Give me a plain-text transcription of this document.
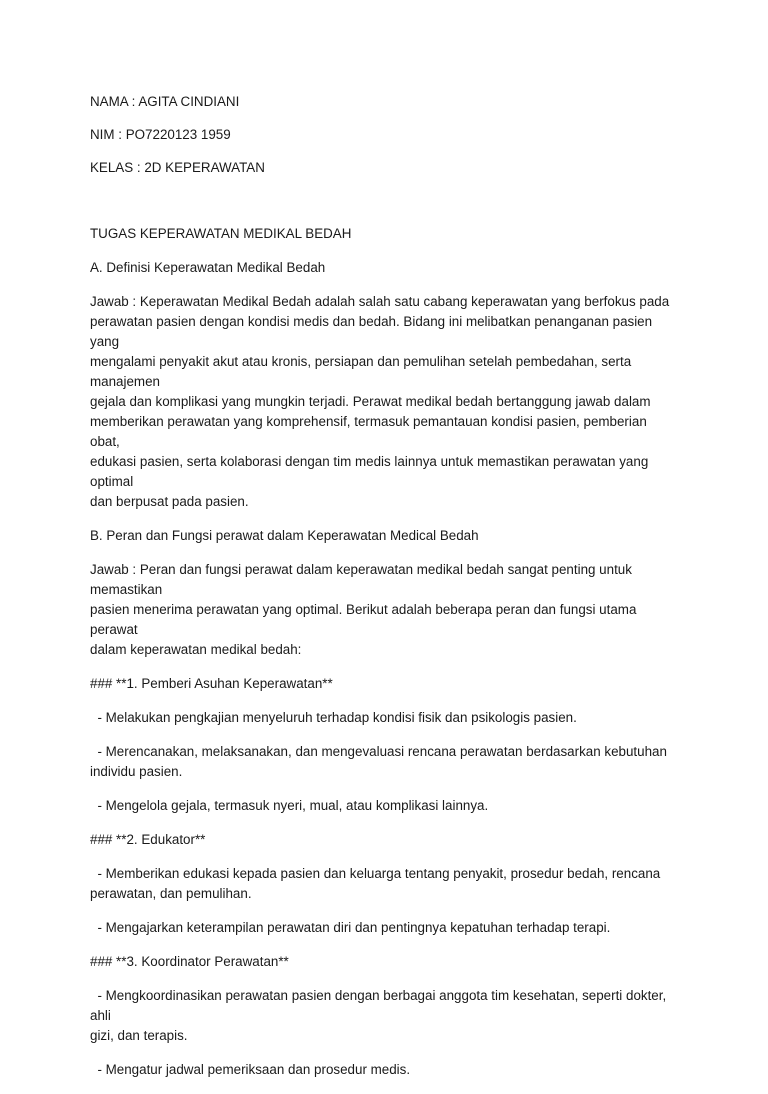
NAMA : AGITA CINDIANI

NIM : PO7220123 1959

KELAS : 2D KEPERAWATAN

TUGAS KEPERAWATAN MEDIKAL BEDAH

A. Definisi Keperawatan Medikal Bedah

Jawab : Keperawatan Medikal Bedah adalah salah satu cabang keperawatan yang berfokus pada

perawatan pasien dengan kondisi medis dan bedah. Bidang ini melibatkan penanganan pasien yang

mengalami penyakit akut atau kronis, persiapan dan pemulihan setelah pembedahan, serta manajemen

gejala dan komplikasi yang mungkin terjadi. Perawat medikal bedah bertanggung jawab dalam

memberikan perawatan yang komprehensif, termasuk pemantauan kondisi pasien, pemberian obat,

edukasi pasien, serta kolaborasi dengan tim medis lainnya untuk memastikan perawatan yang optimal

dan berpusat pada pasien.

B. Peran dan Fungsi perawat dalam Keperawatan Medical Bedah

Jawab : Peran dan fungsi perawat dalam keperawatan medikal bedah sangat penting untuk memastikan

pasien menerima perawatan yang optimal. Berikut adalah beberapa peran dan fungsi utama perawat

dalam keperawatan medikal bedah:

### **1. Pemberi Asuhan Keperawatan**

- Melakukan pengkajian menyeluruh terhadap kondisi fisik dan psikologis pasien.

- Merencanakan, melaksanakan, dan mengevaluasi rencana perawatan berdasarkan kebutuhan

individu pasien.

- Mengelola gejala, termasuk nyeri, mual, atau komplikasi lainnya.

### **2. Edukator**

- Memberikan edukasi kepada pasien dan keluarga tentang penyakit, prosedur bedah, rencana

perawatan, dan pemulihan.

- Mengajarkan keterampilan perawatan diri dan pentingnya kepatuhan terhadap terapi.

### **3. Koordinator Perawatan**

- Mengkoordinasikan perawatan pasien dengan berbagai anggota tim kesehatan, seperti dokter, ahli

gizi, dan terapis.

- Mengatur jadwal pemeriksaan dan prosedur medis.
